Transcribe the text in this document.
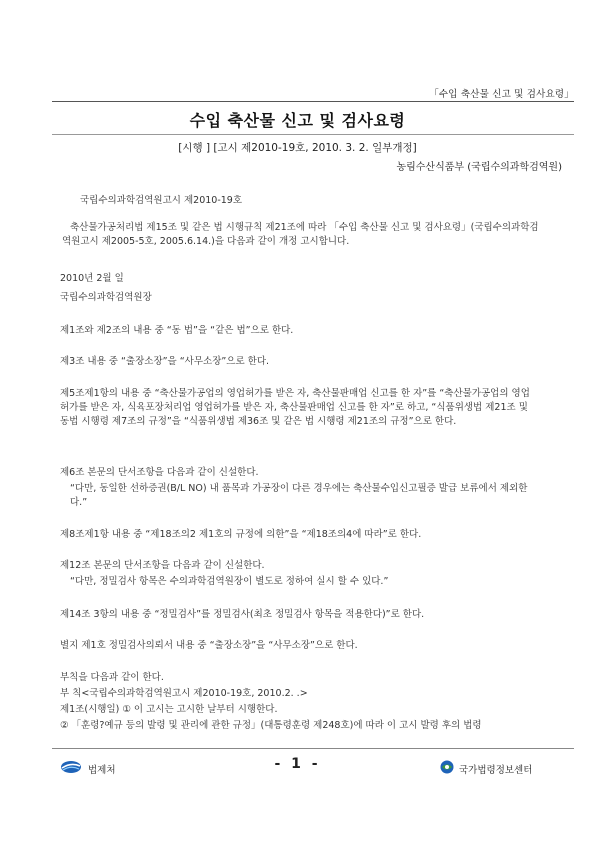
「수입 축산물 신고 및 검사요령」
수입 축산물 신고 및 검사요령
[시행 ] [고시 제2010-19호, 2010. 3. 2. 일부개정]
농림수산식품부 (국립수의과학검역원)
국립수의과학검역원고시 제2010-19호
축산물가공처리법 제15조 및 같은 법 시행규칙 제21조에 따라 「수입 축산물 신고 및 검사요령」(국립수의과학검역원고시 제2005-5호, 2005.6.14.)을 다음과 같이 개정 고시합니다.
2010년 2월 일
국립수의과학검역원장
제1조와 제2조의 내용 중 “동 법”을 “같은 법”으로 한다.
제3조 내용 중 “출장소장”을 “사무소장”으로 한다.
제5조제1항의 내용 중 “축산물가공업의 영업허가를 받은 자, 축산물판매업 신고를 한 자”를 “축산물가공업의 영업허가를 받은 자, 식육포장처리업 영업허가를 받은 자, 축산물판매업 신고를 한 자”로 하고, “식품위생법 제21조 및 동법 시행령 제7조의 규정”을 “식품위생법 제36조 및 같은 법 시행령 제21조의 규정”으로 한다.
제6조 본문의 단서조항을 다음과 같이 신설한다.
“다만, 동일한 선하증권(B/L NO) 내 품목과 가공장이 다른 경우에는 축산물수입신고필증 발급 보류에서 제외한다.”
제8조제1항 내용 중 “제18조의2 제1호의 규정에 의한”을 “제18조의4에 따라”로 한다.
제12조 본문의 단서조항을 다음과 같이 신설한다.
“다만, 정밀검사 항목은 수의과학검역원장이 별도로 정하여 실시 할 수 있다.”
제14조 3항의 내용 중 “정밀검사”를 정밀검사(최초 정밀검사 항목을 적용한다)”로 한다.
별지 제1호 정밀검사의뢰서 내용 중 “출장소장”을 “사무소장”으로 한다.
부칙을 다음과 같이 한다.
부 칙<국립수의과학검역원고시 제2010-19호, 2010.2. .>
제1조(시행일) ① 이 고시는 고시한 날부터 시행한다.
② 「훈령?예규 등의 발령 및 관리에 관한 규정」(대통령훈령 제248호)에 따라 이 고시 발령 후의 법령
법제처	- 1 -	국가법령정보센터
